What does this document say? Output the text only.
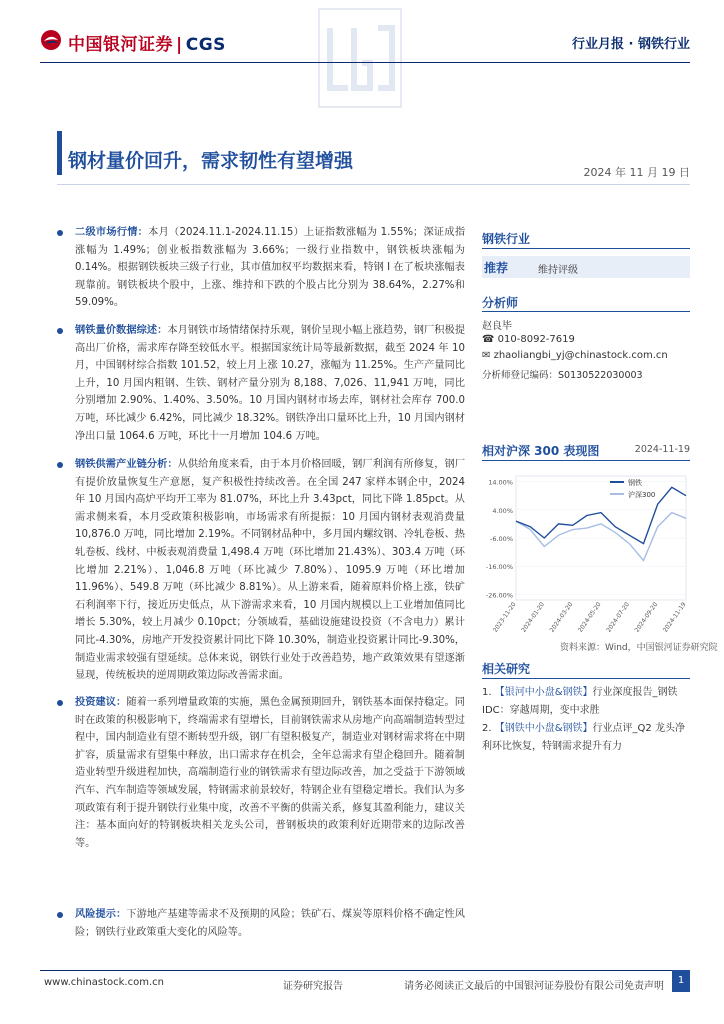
中国银河证券 | CGS	行业月报 · 钢铁行业
钢材量价回升，需求韧性有望增强
2024 年 11 月 19 日
二级市场行情：本月（2024.11.1-2024.11.15）上证指数涨幅为 1.55%；深证成指涨幅为 1.49%；创业板指数涨幅为 3.66%；一级行业指数中，钢铁板块涨幅为 0.14%。根据钢铁板块三级子行业，其市值加权平均数据来看，特钢 I 在了板块涨幅表现靠前。钢铁板块个股中，上涨、维持和下跌的个股占比分别为 38.64%，2.27%和 59.09%。
钢铁量价数据综述：本月钢铁市场情绪保持乐观，钢价呈现小幅上涨趋势，钢厂积极提高出厂价格，需求库存降至较低水平。根据国家统计局等最新数据，截至 2024 年 10 月，中国钢材综合指数 101.52，较上月上涨 10.27，涨幅为 11.25%。生产产量同比上升，10 月国内粗钢、生铁、钢材产量分别为 8,188、7,026、11,941 万吨，同比分别增加 2.90%、1.40%、3.50%。10 月国内钢材市场去库，钢材社会库存 700.0 万吨，环比减少 6.42%，同比减少 18.32%。钢铁净出口量环比上升，10 月国内钢材净出口量 1064.6 万吨，环比十一月增加 104.6 万吨。
钢铁供需产业链分析：从供给角度来看，由于本月价格回暖，钢厂利润有所修复，钢厂有提价放量恢复生产意愿，复产积极性持续改善。在全国 247 家样本钢企中，2024 年 10 月国内高炉平均开工率为 81.07%，环比上升 3.43pct，同比下降 1.85pct。从需求侧来看，本月受政策积极影响，市场需求有所提振：10 月国内钢材表观消费量 10,876.0 万吨，同比增加 2.19%。不同钢材品种中，多月国内螺纹钢、冷轧卷板、热轧卷板、线材、中板表观消费量 1,498.4 万吨（环比增加 21.43%）、303.4 万吨（环比增加 2.21%）、1,046.8 万吨（环比减少 7.80%）、1095.9 万吨（环比增加 11.96%）、549.8 万吨（环比减少 8.81%）。从上游来看，随着原料价格上涨，铁矿石利润率下行，接近历史低点，从下游需求来看，10 月国内规模以上工业增加值同比增长 5.30%，较上月减少 0.10pct；分领域看，基础设施建设投资（不含电力）累计同比-4.30%，房地产开发投资累计同比下降 10.30%，制造业投资累计同比-9.30%，制造业需求较强有望延续。总体来说，钢铁行业处于改善趋势，地产政策效果有望逐渐显现，传统板块的逆周期政策边际改善需求面。
投资建议：随着一系列增量政策的实施，黑色金属预期回升，钢铁基本面保持稳定。同时在政策的积极影响下，终端需求有望增长，目前钢铁需求从房地产向高端制造转型过程中，国内制造业有望不断转型升级，钢厂有望积极复产，制造业对钢材需求将在中期扩容，质量需求有望集中释放，出口需求存在机会，全年总需求有望企稳回升。随着制造业转型升级进程加快，高端制造行业的钢铁需求有望边际改善，加之受益于下游领域汽车、汽车制造等领域发展，特钢需求前景较好，特钢企业有望稳定增长。我们认为多项政策有利于提升钢铁行业集中度，改善不平衡的供需关系，修复其盈利能力，建议关注：基本面向好的特钢板块相关龙头公司，普钢板块的政策利好近期带来的边际改善等。
风险提示：下游地产基建等需求不及预期的风险；铁矿石、煤炭等原料价格不确定性风险；钢铁行业政策重大变化的风险等。
钢铁行业
推荐	维持评级
分析师
赵良毕
☎ 010-8092-7619
✉ zhaoliangbi_yj@chinastock.com.cn
分析师登记编码：S0130522030003
相对沪深 300 表现图	2024-11-19
14.00%
4.00%
-6.00%
-16.00%
-26.00%
2023-11-20 2024-01-20 2024-03-20 2024-05-20 2024-07-20 2024-09-20 2024-11-19
钢铁
沪深300
资料来源：Wind，中国银河证券研究院
相关研究
1. 【银河中小盘&钢铁】行业深度报告_钢铁 IDC：穿越周期，变中求胜
2. 【钢铁中小盘&钢铁】行业点评_Q2 龙头净利环比恢复，特钢需求提升有力
www.chinastock.com.cn	证券研究报告	请务必阅读正文最后的中国银河证券股份有限公司免责声明
1
